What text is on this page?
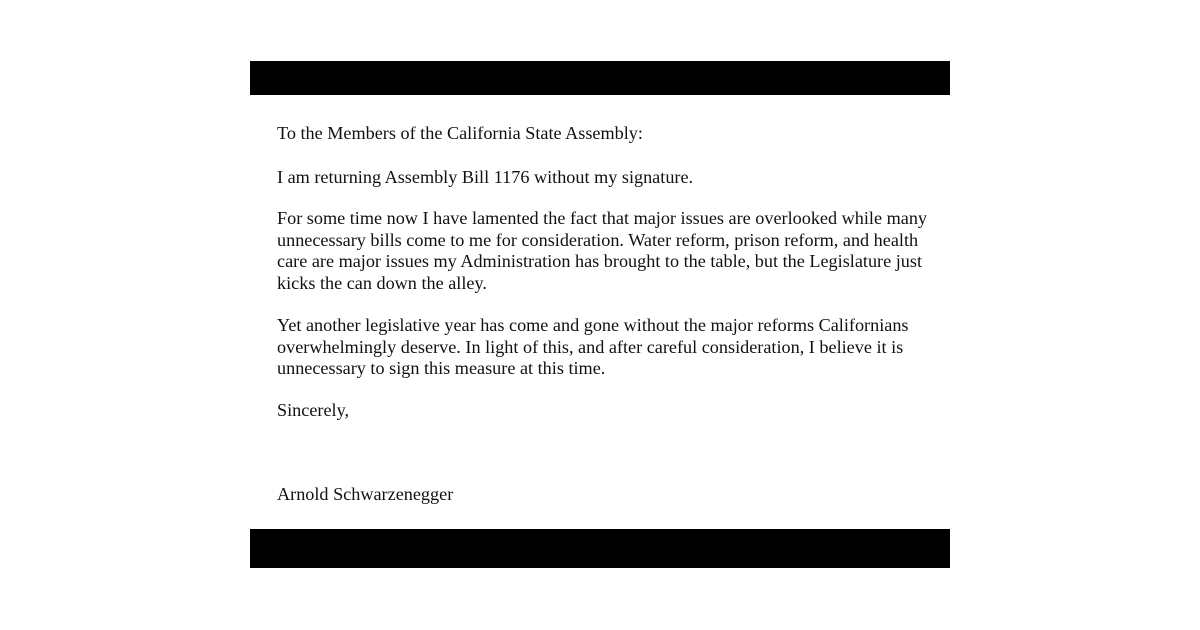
To the Members of the California State Assembly:

I am returning Assembly Bill 1176 without my signature.

For some time now I have lamented the fact that major issues are overlooked while many
unnecessary bills come to me for consideration. Water reform, prison reform, and health
care are major issues my Administration has brought to the table, but the Legislature just
kicks the can down the alley.

Yet another legislative year has come and gone without the major reforms Californians
overwhelmingly deserve. In light of this, and after careful consideration, I believe it is
unnecessary to sign this measure at this time.

Sincerely,

Arnold Schwarzenegger
